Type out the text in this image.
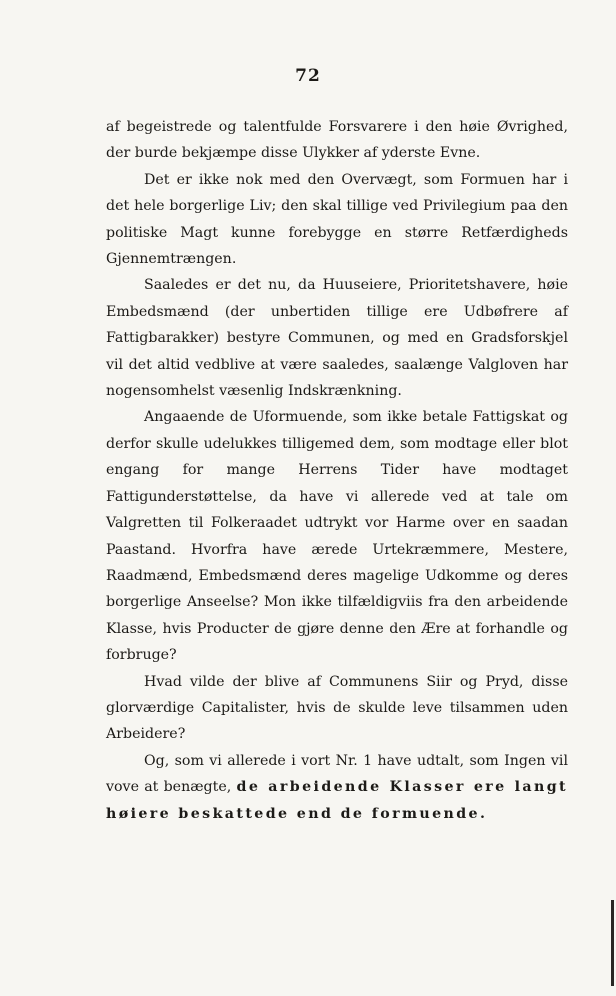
72

af begeistrede og talentfulde Forsvarere i den høie Øvrighed, der burde bekjæmpe disse Ulykker af yderste Evne.

Det er ikke nok med den Overvægt, som Formuen har i det hele borgerlige Liv; den skal tillige ved Privilegium paa den politiske Magt kunne forebygge en større Retfærdigheds Gjennemtrængen.

Saaledes er det nu, da Huuseiere, Prioritetshavere, høie Embedsmænd (der unbertiden tillige ere Udbøfrere af Fattigbarakker) bestyre Communen, og med en Gradsforskjel vil det altid vedblive at være saaledes, saalænge Valgloven har nogensomhelst væsenlig Indskrænkning.

Angaaende de Uformuende, som ikke betale Fattigskat og derfor skulle udelukkes tilligemed dem, som modtage eller blot engang for mange Herrens Tider have modtaget Fattigunderstøttelse, da have vi allerede ved at tale om Valgretten til Folkeraadet udtrykt vor Harme over en saadan Paastand. Hvorfra have ærede Urtekræmmere, Mestere, Raadmænd, Embedsmænd deres magelige Udkomme og deres borgerlige Anseelse? Mon ikke tilfældigviis fra den arbeidende Klasse, hvis Producter de gjøre denne den Ære at forhandle og forbruge?

Hvad vilde der blive af Communens Siir og Pryd, disse glorværdige Capitalister, hvis de skulde leve tilsammen uden Arbeidere?

Og, som vi allerede i vort Nr. 1 have udtalt, som Ingen vil vove at benægte, de arbeidende Klasser ere langt høiere beskattede end de formuende.
